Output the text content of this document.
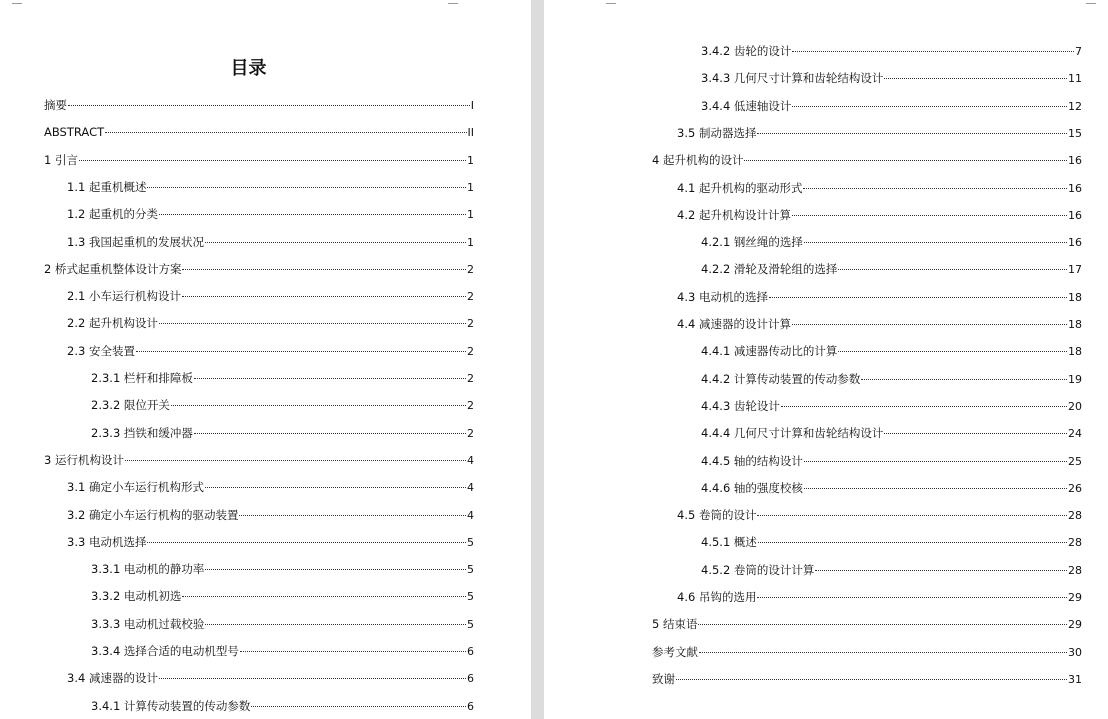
目录
摘要	I
ABSTRACT	II
1 引言	1
1.1 起重机概述	1
1.2 起重机的分类	1
1.3 我国起重机的发展状况	1
2 桥式起重机整体设计方案	2
2.1 小车运行机构设计	2
2.2 起升机构设计	2
2.3 安全装置	2
2.3.1 栏杆和排障板	2
2.3.2 限位开关	2
2.3.3 挡铁和缓冲器	2
3 运行机构设计	4
3.1 确定小车运行机构形式	4
3.2 确定小车运行机构的驱动装置	4
3.3 电动机选择	5
3.3.1 电动机的静功率	5
3.3.2 电动机初选	5
3.3.3 电动机过载校验	5
3.3.4 选择合适的电动机型号	6
3.4 减速器的设计	6
3.4.1 计算传动装置的传动参数	6
3.4.2 齿轮的设计	7
3.4.3 几何尺寸计算和齿轮结构设计	11
3.4.4 低速轴设计	12
3.5 制动器选择	15
4 起升机构的设计	16
4.1 起升机构的驱动形式	16
4.2 起升机构设计计算	16
4.2.1 钢丝绳的选择	16
4.2.2 滑轮及滑轮组的选择	17
4.3 电动机的选择	18
4.4 减速器的设计计算	18
4.4.1 减速器传动比的计算	18
4.4.2 计算传动装置的传动参数	19
4.4.3 齿轮设计	20
4.4.4 几何尺寸计算和齿轮结构设计	24
4.4.5 轴的结构设计	25
4.4.6 轴的强度校核	26
4.5 卷筒的设计	28
4.5.1 概述	28
4.5.2 卷筒的设计计算	28
4.6 吊钩的选用	29
5 结束语	29
参考文献	30
致谢	31
